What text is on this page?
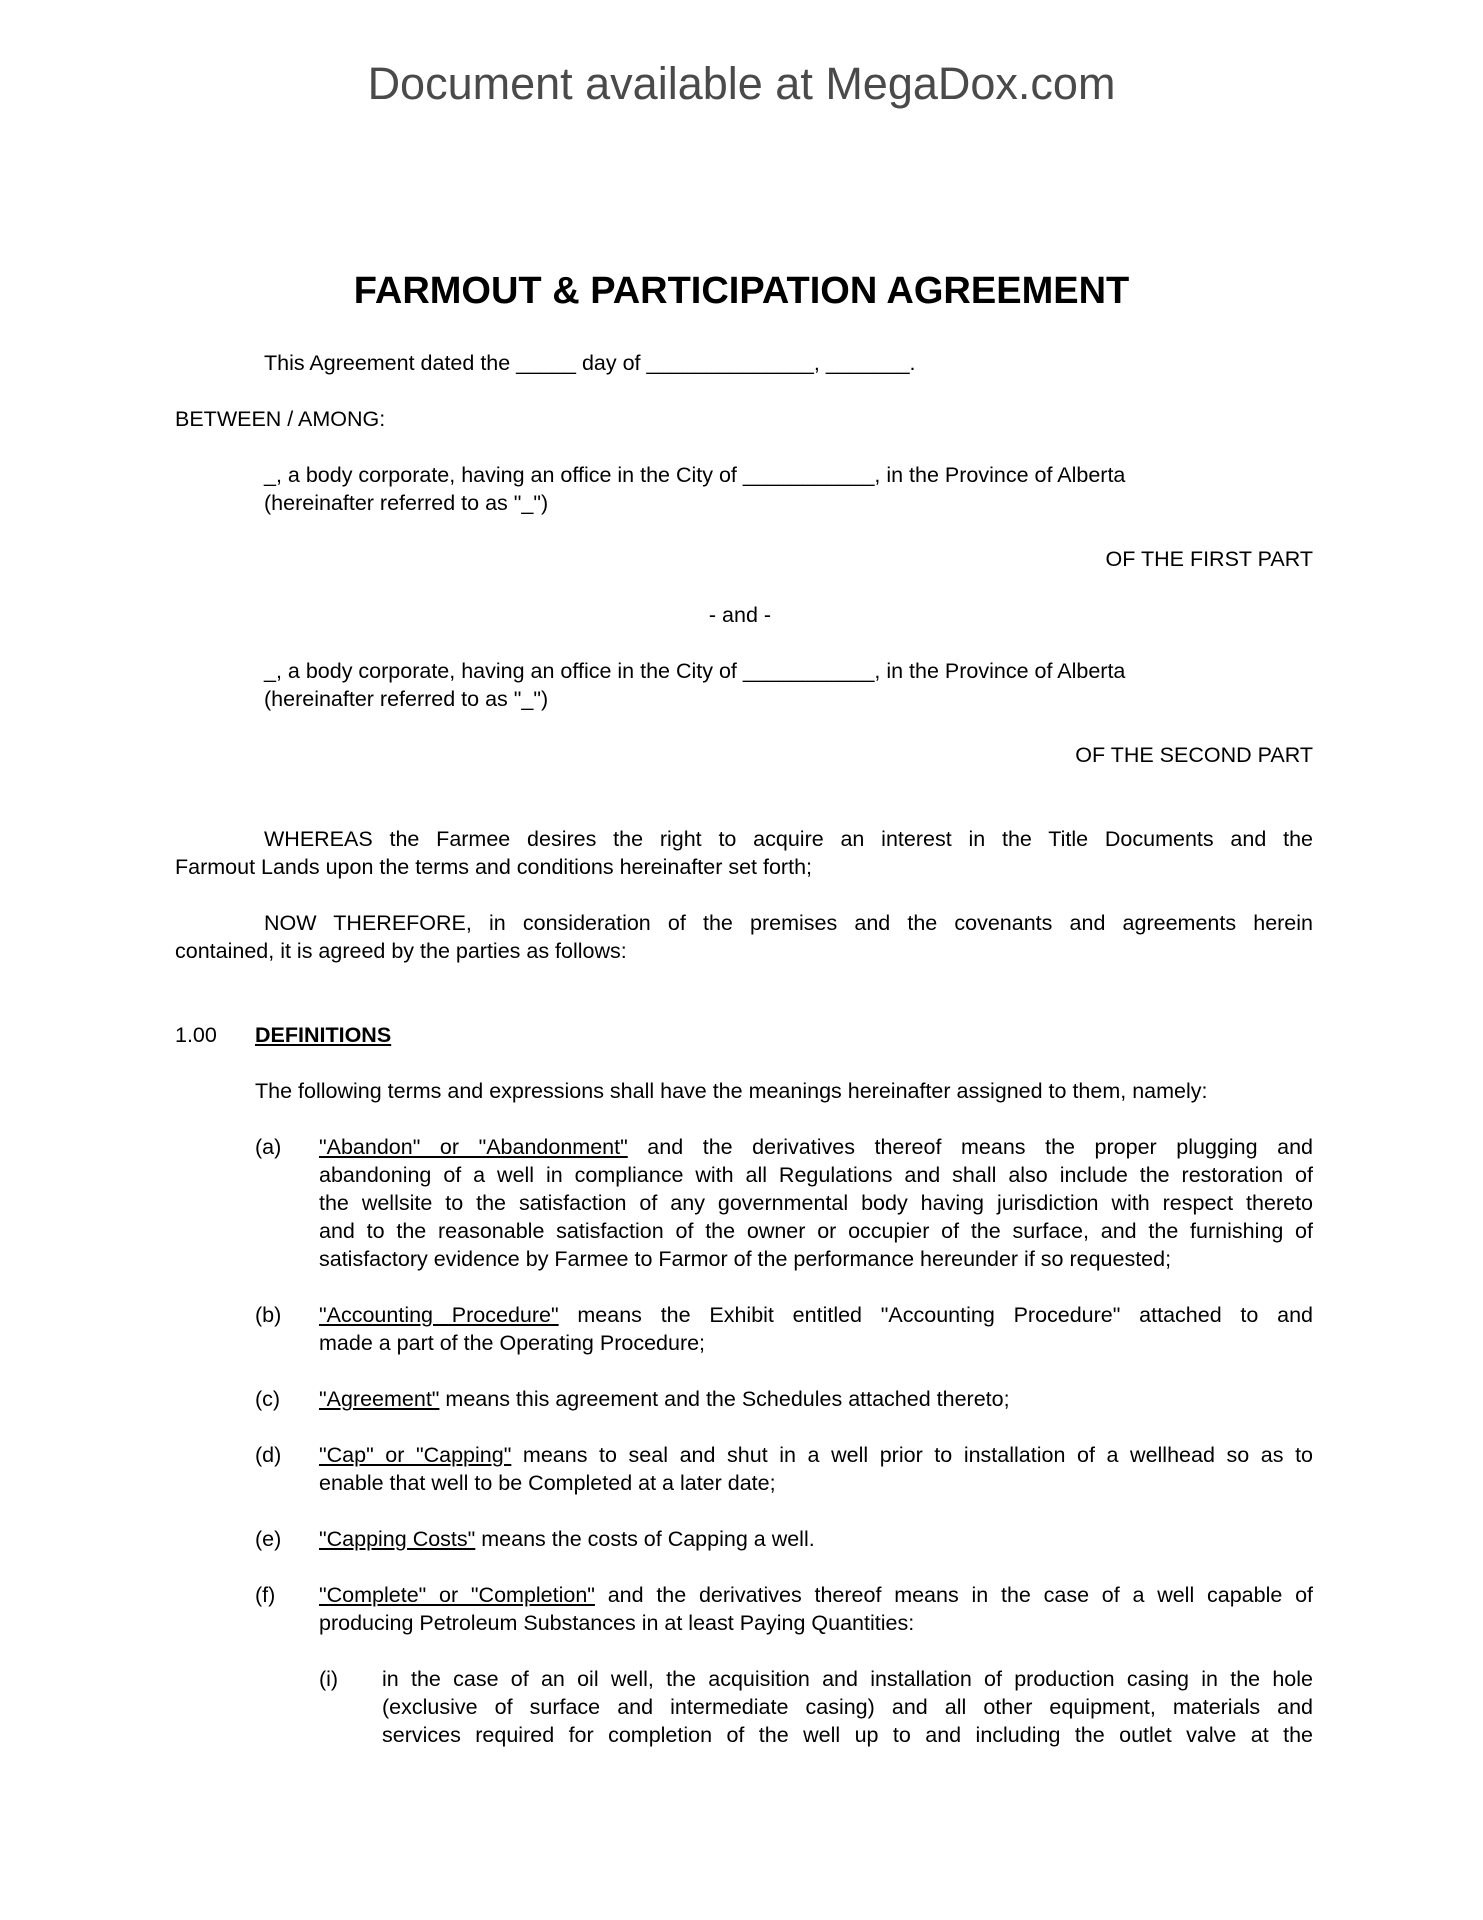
Document available at MegaDox.com
FARMOUT & PARTICIPATION AGREEMENT
This Agreement dated the _____ day of ______________, _______.
BETWEEN / AMONG:
_, a body corporate, having an office in the City of ___________, in the Province of Alberta
(hereinafter referred to as "_")
OF THE FIRST PART
- and -
_, a body corporate, having an office in the City of ___________, in the Province of Alberta
(hereinafter referred to as "_")
OF THE SECOND PART
WHEREAS the Farmee desires the right to acquire an interest in the Title Documents and the
Farmout Lands upon the terms and conditions hereinafter set forth;
NOW THEREFORE, in consideration of the premises and the covenants and agreements herein
contained, it is agreed by the parties as follows:
1.00 DEFINITIONS
The following terms and expressions shall have the meanings hereinafter assigned to them, namely:
(a)	"Abandon" or "Abandonment" and the derivatives thereof means the proper plugging and
abandoning of a well in compliance with all Regulations and shall also include the restoration of
the wellsite to the satisfaction of any governmental body having jurisdiction with respect thereto
and to the reasonable satisfaction of the owner or occupier of the surface, and the furnishing of
satisfactory evidence by Farmee to Farmor of the performance hereunder if so requested;
(b)	"Accounting Procedure" means the Exhibit entitled "Accounting Procedure" attached to and
made a part of the Operating Procedure;
(c)	"Agreement" means this agreement and the Schedules attached thereto;
(d)	"Cap" or "Capping" means to seal and shut in a well prior to installation of a wellhead so as to
enable that well to be Completed at a later date;
(e)	"Capping Costs" means the costs of Capping a well.
(f)	"Complete" or "Completion" and the derivatives thereof means in the case of a well capable of
producing Petroleum Substances in at least Paying Quantities:
(i) in the case of an oil well, the acquisition and installation of production casing in the hole
(exclusive of surface and intermediate casing) and all other equipment, materials and
services required for completion of the well up to and including the outlet valve at the
